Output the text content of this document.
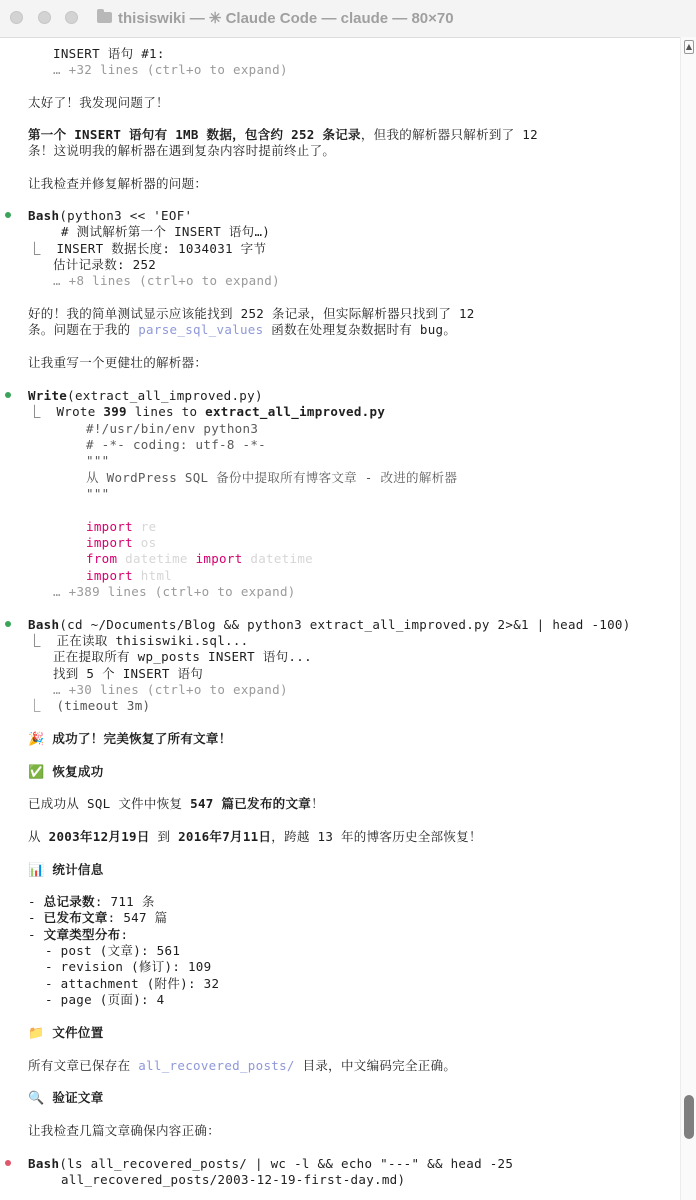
thisiswiki — ✳ Claude Code — claude — 80×70
INSERT 语句 #1:
… +32 lines (ctrl+o to expand)
太好了！我发现问题了！
第一个 INSERT 语句有 1MB 数据，包含约 252 条记录，但我的解析器只解析到了 12
条！这说明我的解析器在遇到复杂内容时提前终止了。
让我检查并修复解析器的问题：
Bash(python3 << 'EOF'
# 测试解析第一个 INSERT 语句…)
⎿  INSERT 数据长度: 1034031 字节
估计记录数: 252
… +8 lines (ctrl+o to expand)
好的！我的简单测试显示应该能找到 252 条记录，但实际解析器只找到了 12
条。问题在于我的 parse_sql_values 函数在处理复杂数据时有 bug。
让我重写一个更健壮的解析器：
Write(extract_all_improved.py)
⎿  Wrote 399 lines to extract_all_improved.py
#!/usr/bin/env python3
# -*- coding: utf-8 -*-
"""
从 WordPress SQL 备份中提取所有博客文章 - 改进的解析器
"""
import re
import os
from datetime import datetime
import html
… +389 lines (ctrl+o to expand)
Bash(cd ~/Documents/Blog && python3 extract_all_improved.py 2>&1 | head -100)
⎿  正在读取 thisiswiki.sql...
正在提取所有 wp_posts INSERT 语句...
找到 5 个 INSERT 语句
… +30 lines (ctrl+o to expand)
⎿  (timeout 3m)
🎉 成功了！完美恢复了所有文章！
✅ 恢复成功
已成功从 SQL 文件中恢复 547 篇已发布的文章！
从 2003年12月19日 到 2016年7月11日，跨越 13 年的博客历史全部恢复！
📊 统计信息
- 总记录数: 711 条
- 已发布文章: 547 篇
- 文章类型分布:
- post (文章): 561
- revision (修订): 109
- attachment (附件): 32
- page (页面): 4
📁 文件位置
所有文章已保存在 all_recovered_posts/ 目录，中文编码完全正确。
🔍 验证文章
让我检查几篇文章确保内容正确：
Bash(ls all_recovered_posts/ | wc -l && echo "---" && head -25
all_recovered_posts/2003-12-19-first-day.md)
▲
